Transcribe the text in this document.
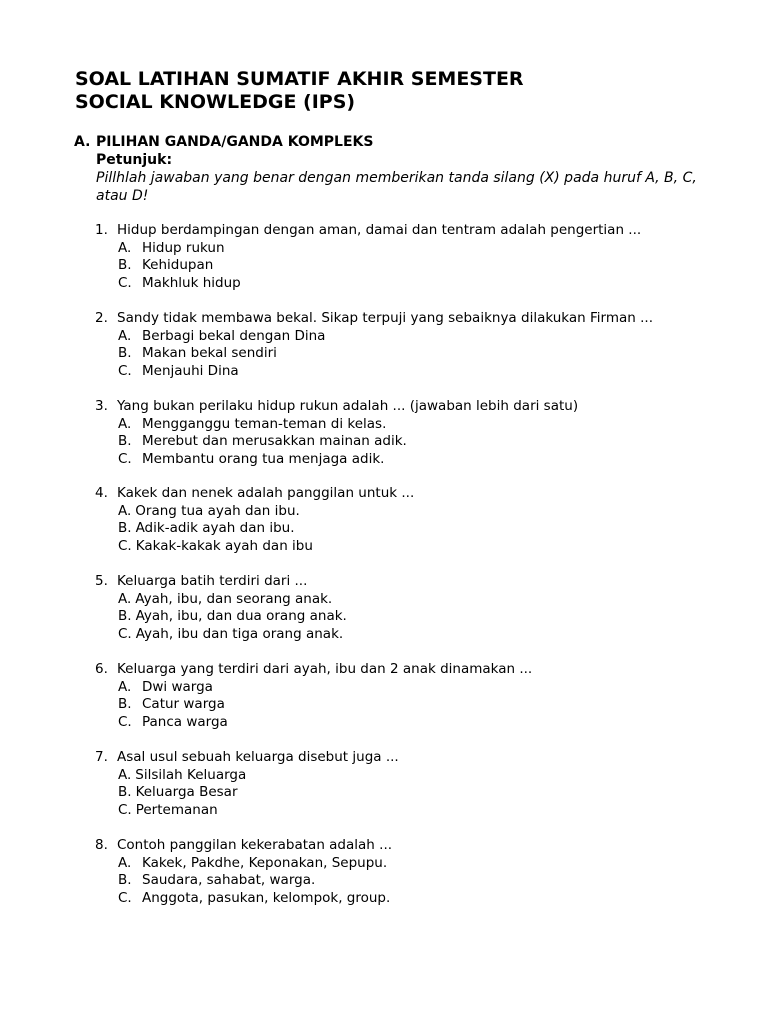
SOAL LATIHAN SUMATIF AKHIR SEMESTER
SOCIAL KNOWLEDGE (IPS)
A. PILIHAN GANDA/GANDA KOMPLEKS
Petunjuk:
Pillhlah jawaban yang benar dengan memberikan tanda silang (X) pada huruf A, B, C, atau D!
1. Hidup berdampingan dengan aman, damai dan tentram adalah pengertian ...
A. Hidup rukun
B. Kehidupan
C. Makhluk hidup
2. Sandy tidak membawa bekal. Sikap terpuji yang sebaiknya dilakukan Firman ...
A. Berbagi bekal dengan Dina
B. Makan bekal sendiri
C. Menjauhi Dina
3. Yang bukan perilaku hidup rukun adalah ... (jawaban lebih dari satu)
A. Mengganggu teman-teman di kelas.
B. Merebut dan merusakkan mainan adik.
C. Membantu orang tua menjaga adik.
4. Kakek dan nenek adalah panggilan untuk ...
A. Orang tua ayah dan ibu.
B. Adik-adik ayah dan ibu.
C. Kakak-kakak ayah dan ibu
5. Keluarga batih terdiri dari ...
A. Ayah, ibu, dan seorang anak.
B. Ayah, ibu, dan dua orang anak.
C. Ayah, ibu dan tiga orang anak.
6. Keluarga yang terdiri dari ayah, ibu dan 2 anak dinamakan ...
A. Dwi warga
B. Catur warga
C. Panca warga
7. Asal usul sebuah keluarga disebut juga ...
A. Silsilah Keluarga
B. Keluarga Besar
C. Pertemanan
8. Contoh panggilan kekerabatan adalah ...
A. Kakek, Pakdhe, Keponakan, Sepupu.
B. Saudara, sahabat, warga.
C. Anggota, pasukan, kelompok, group.
